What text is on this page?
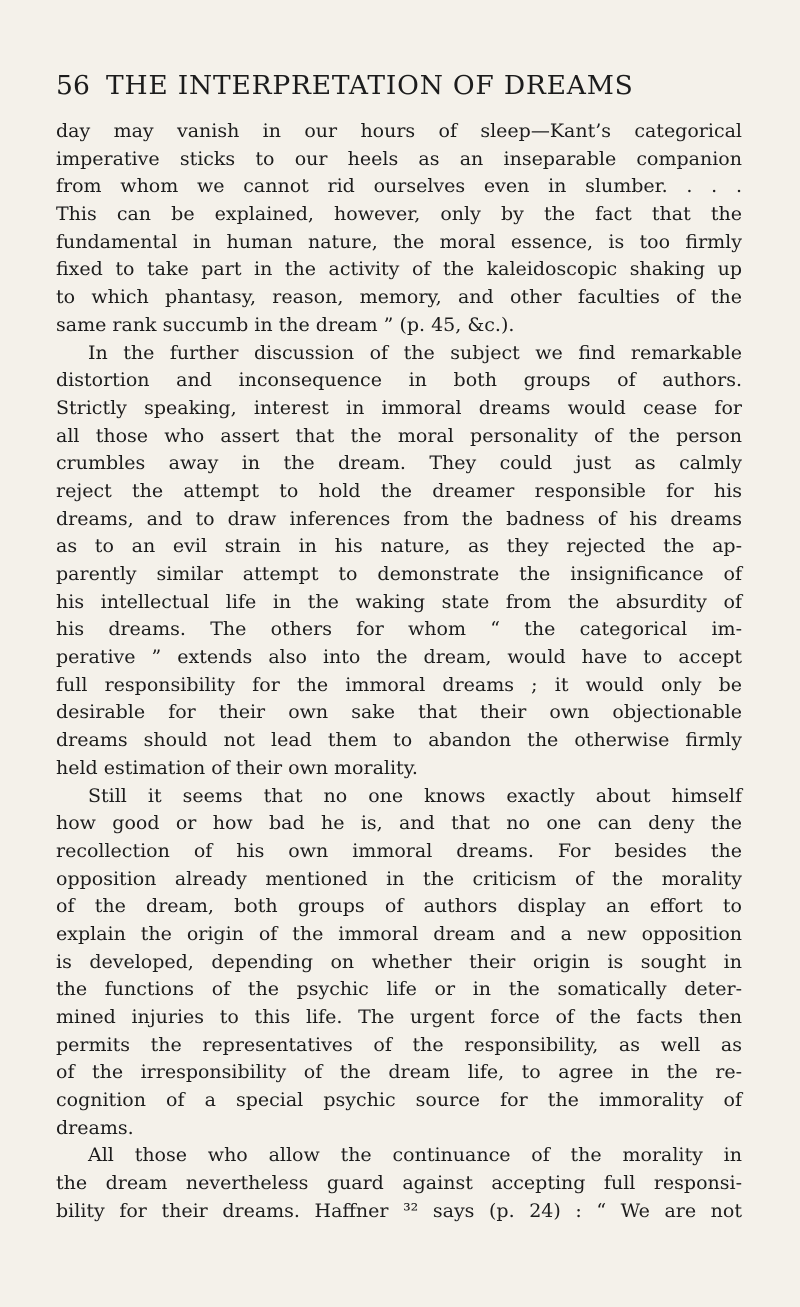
56 THE INTERPRETATION OF DREAMS
day may vanish in our hours of sleep—Kant’s categorical
imperative sticks to our heels as an inseparable companion
from whom we cannot rid ourselves even in slumber. . . .
This can be explained, however, only by the fact that the
fundamental in human nature, the moral essence, is too firmly
fixed to take part in the activity of the kaleidoscopic shaking up
to which phantasy, reason, memory, and other faculties of the
same rank succumb in the dream ” (p. 45, &c.).
In the further discussion of the subject we find remarkable
distortion and inconsequence in both groups of authors.
Strictly speaking, interest in immoral dreams would cease for
all those who assert that the moral personality of the person
crumbles away in the dream. They could just as calmly
reject the attempt to hold the dreamer responsible for his
dreams, and to draw inferences from the badness of his dreams
as to an evil strain in his nature, as they rejected the ap-
parently similar attempt to demonstrate the insignificance of
his intellectual life in the waking state from the absurdity of
his dreams. The others for whom “ the categorical im-
perative ” extends also into the dream, would have to accept
full responsibility for the immoral dreams ; it would only be
desirable for their own sake that their own objectionable
dreams should not lead them to abandon the otherwise firmly
held estimation of their own morality.
Still it seems that no one knows exactly about himself
how good or how bad he is, and that no one can deny the
recollection of his own immoral dreams. For besides the
opposition already mentioned in the criticism of the morality
of the dream, both groups of authors display an effort to
explain the origin of the immoral dream and a new opposition
is developed, depending on whether their origin is sought in
the functions of the psychic life or in the somatically deter-
mined injuries to this life. The urgent force of the facts then
permits the representatives of the responsibility, as well as
of the irresponsibility of the dream life, to agree in the re-
cognition of a special psychic source for the immorality of
dreams.
All those who allow the continuance of the morality in
the dream nevertheless guard against accepting full responsi-
bility for their dreams. Haffner ³² says (p. 24) : “ We are not
